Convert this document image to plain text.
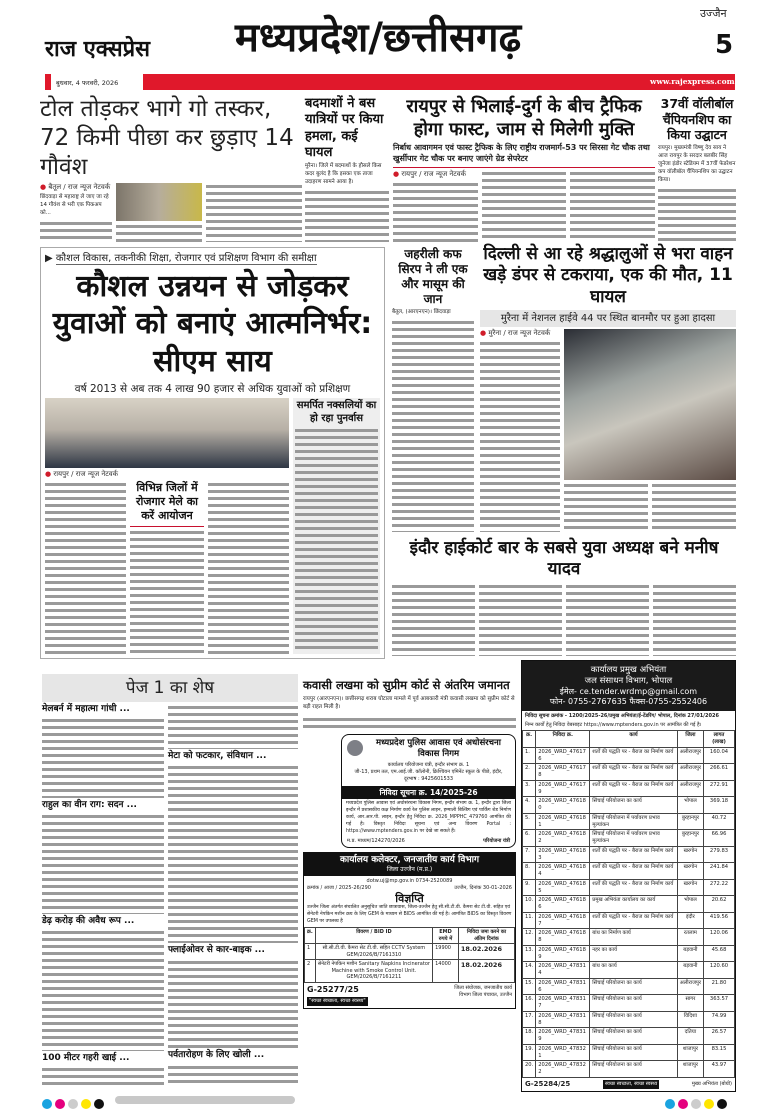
राज एक्सप्रेस
बुधवार, 4 फरवरी, 2026
मध्यप्रदेश/छत्तीसगढ़
उज्जैन
5
www.rajexpress.com
टोल तोड़कर भागे गो तस्कर, 72 किमी पीछा कर छुड़ाए 14 गौवंश
● बैतूल / राज न्यूज नेटवर्क
छिंदवाड़ा से महाराष्ट्र ले जाए जा रहे 14 गौवंश से भरी एक पिकअप को...
बदमाशों ने बस यात्रियों पर किया हमला, कई घायल
मुरैना। जिले में बदमाशों के हौसले किस कदर बुलंद है कि इसका एक ताजा उदाहरण सामने आया है।
रायपुर से भिलाई-दुर्ग के बीच ट्रैफिक होगा फास्ट, जाम से मिलेगी मुक्ति
निर्बाध आवागमन एवं फास्ट ट्रैफिक के लिए राष्ट्रीय राजमार्ग-53 पर सिरसा गेट चौक तथा खुर्सीपार गेट चौक पर बनाए जाएंगे ग्रेड सेपरेटर
● रायपुर / राज न्यूज नेटवर्क
37वीं वॉलीबॉल चैंपियनशिप का किया उद्घाटन
रायपुर। मुख्यमंत्री विष्णु देव साय ने आज रायपुर के सरदार बलबीर सिंह जुनेजा इंडोर स्टेडियम में 37वीं फेडरेशन कप वॉलीबॉल चैंपियनशिप का उद्घाटन किया।
▶ कौशल विकास, तकनीकी शिक्षा, रोजगार एवं प्रशिक्षण विभाग की समीक्षा
कौशल उन्नयन से जोड़कर युवाओं को बनाएं आत्मनिर्भर: सीएम साय
वर्ष 2013 से अब तक 4 लाख 90 हजार से अधिक युवाओं को प्रशिक्षण
● रायपुर / राज न्यूज नेटवर्क
विभिन्न जिलों में रोजगार मेले का करें आयोजन
समर्पित नक्सलियों का हो रहा पुनर्वास
जहरीली कफ सिरप ने ली एक और मासूम की जान
बैतूल, (आरएनएन)। छिंदवाड़ा
दिल्ली से आ रहे श्रद्धालुओं से भरा वाहन खड़े डंपर से टकराया, एक की मौत, 11 घायल
मुरैना में नेशनल हाईवे 44 पर स्थित बानमौर पर हुआ हादसा
● मुरैना / राज न्यूज नेटवर्क
इंदौर हाईकोर्ट बार के सबसे युवा अध्यक्ष बने मनीष यादव
पेज 1 का शेष
मेलबर्न में महात्मा गांधी ...
राहुल का वीन राग: सदन ...
डेढ़ करोड़ की अवैध रूप ...
100 मीटर गहरी खाई ...
मेटा को फटकार, संविधान ...
फ्लाईओवर से कार-बाइक ...
पर्वतारोहण के लिए खोली ...
कवासी लखमा को सुप्रीम कोर्ट से अंतरिम जमानत
रायपुर (आरएनएन)। छत्तीसगढ़ शराब घोटाला मामले में पूर्व आबकारी मंत्री कवासी लखमा को सुप्रीम कोर्ट से बड़ी राहत मिली है।
मध्यप्रदेश पुलिस आवास एवं अधोसंरचना विकास निगम
कार्यालय परियोजना यंत्री, इन्दौर संभाग क्र. 1
जी-13, प्रथम तल, एम.आई.जी. कॉलोनी, क्रिश्चियन एमिनेंट स्कूल के पीछे, इंदौर, दूरभाष : 9425601533
निविदा सूचना क्र. 14/2025-26
मध्यप्रदेश पुलिस आवास एवं अधोसंरचना विकास निगम, इन्दौर संभाग क्र. 1, इन्दौर द्वारा जिला इन्दौर में प्रशासकीय कक्ष निर्माण कार्य रेल पुलिस लाइन, हम्माली बिल्डिंग एवं पार्किंग शेड निर्माण कार्य, आर.आर.पी. लाइन, इन्दौर हेतु निविदा क्र. 2026_MPPHC_479760 आमंत्रित की गई है। विस्तृत निविदा सूचना एवं अन्य विवरण Portal : https://www.mptenders.gov.in पर देखे जा सकते हैं।
म.प्र. माध्यम/124270/2026	परियोजना यंत्री
कार्यालय कलेक्टर, जनजातीय कार्य विभाग
जिला उज्जैन (म.प्र.)
dotw.uj@mp.gov.in 0734-2520089
क्रमांक / आजा / 2025-26/290	उज्जैन, दिनांक 30-01-2026
विज्ञप्ति
उज्जैन जिला अंतर्गत संचालित अनुसूचित जाति छात्रावास, जिला-उज्जैन हेतु सी.सी.टी.वी. कैमरा सेट टी.वी. सहित एवं सेनेटरी नेपकिन मशीन क्रय के लिए GEM के माध्यम से BIDS आमंत्रित की गई है। आमंत्रित BIDS का विस्तृत विवरण GEM पर उपलब्ध है
क्र.	विवरण / BID ID	EMD रुपये में	निविदा जमा करने का अंतिम दिनांक
1	सी.सी.टी.वी. कैमरा सेट टी.वी. सहित CCTV System GEM/2026/B/7161310	19900	18.02.2026
2	सेनेटरी नेपकिन मशीन Sanitary Napkins Incinerator Machine with Smoke Control Unit. GEM/2026/B/7161211	14000	18.02.2026
G-25277/25
"स्वच्छ स्वच्छता, स्वच्छ स्वस्थ्य"
जिला संयोजक, जनजातीय कार्य विभाग जिला पंचायत, उज्जैन
कार्यालय प्रमुख अभियंता
जल संसाधन विभाग, भोपाल
ईमेल- ce.tender.wrdmp@gmail.com
फोन- 0755-2767635 फैक्स-0755-2552406
निविदा सूचना क्रमांक - 1200/2025-26/प्रमुख अभियंता/ई-टेंडरिंग/ भोपाल, दिनांक 27/01/2026
निम्न कार्यों हेतु निविदा वेबसाइट https://www.mptenders.gov.in पर आमंत्रित की गई है।
क्र.	निविदा क्र.	कार्य	जिला	लागत (लाख)
1.	2026_WRD_476176	शर्तों की पद्धति पर - बैराज का निर्माण कार्य	अलीराजपुर	160.04
2.	2026_WRD_476178	शर्तों की पद्धति पर - बैराज का निर्माण कार्य	अलीराजपुर	266.61
3.	2026_WRD_476179	शर्तों की पद्धति पर - बैराज का निर्माण कार्य	अलीराजपुर	272.91
4.	2026_WRD_476180	सिंचाई परियोजना का कार्य	भोपाल	369.18
5.	2026_WRD_476181	सिंचाई परियोजना में पर्यावरण प्रभाव मूल्यांकन	बुरहानपुर	40.72
6.	2026_WRD_476182	सिंचाई परियोजना में पर्यावरण प्रभाव मूल्यांकन	बुरहानपुर	66.96
7.	2026_WRD_476183	शर्तों की पद्धति पर - बैराज का निर्माण कार्य	खरगोन	279.83
8.	2026_WRD_476184	शर्तों की पद्धति पर - बैराज का निर्माण कार्य	खरगोन	241.84
9.	2026_WRD_476185	शर्तों की पद्धति पर - बैराज का निर्माण कार्य	खरगोन	272.22
10.	2026_WRD_476186	प्रमुख अभियंता कार्यालय का कार्य	भोपाल	20.62
11.	2026_WRD_476187	शर्तों की पद्धति पर - बैराज का निर्माण कार्य	इंदौर	419.56
12.	2026_WRD_476188	बांध का निर्माण कार्य	रतलाम	120.06
13.	2026_WRD_476189	नहर का कार्य	बड़वानी	45.68
14.	2026_WRD_478314	बांध का कार्य	बड़वानी	120.60
15.	2026_WRD_478316	सिंचाई परियोजना का कार्य	अलीराजपुर	21.80
16.	2026_WRD_478317	सिंचाई परियोजना का कार्य	सागर	363.57
17.	2026_WRD_478318	सिंचाई परियोजना का कार्य	विदिशा	74.99
18.	2026_WRD_478319	सिंचाई परियोजना का कार्य	दतिया	26.57
19.	2026_WRD_478321	सिंचाई परियोजना का कार्य	शाजापुर	83.15
20.	2026_WRD_478322	सिंचाई परियोजना का कार्य	शाजापुर	43.97
G-25284/25	स्वच्छ स्वच्छता, स्वच्छ स्वस्थ्य	मुख्य अभियंता (बोधी)
